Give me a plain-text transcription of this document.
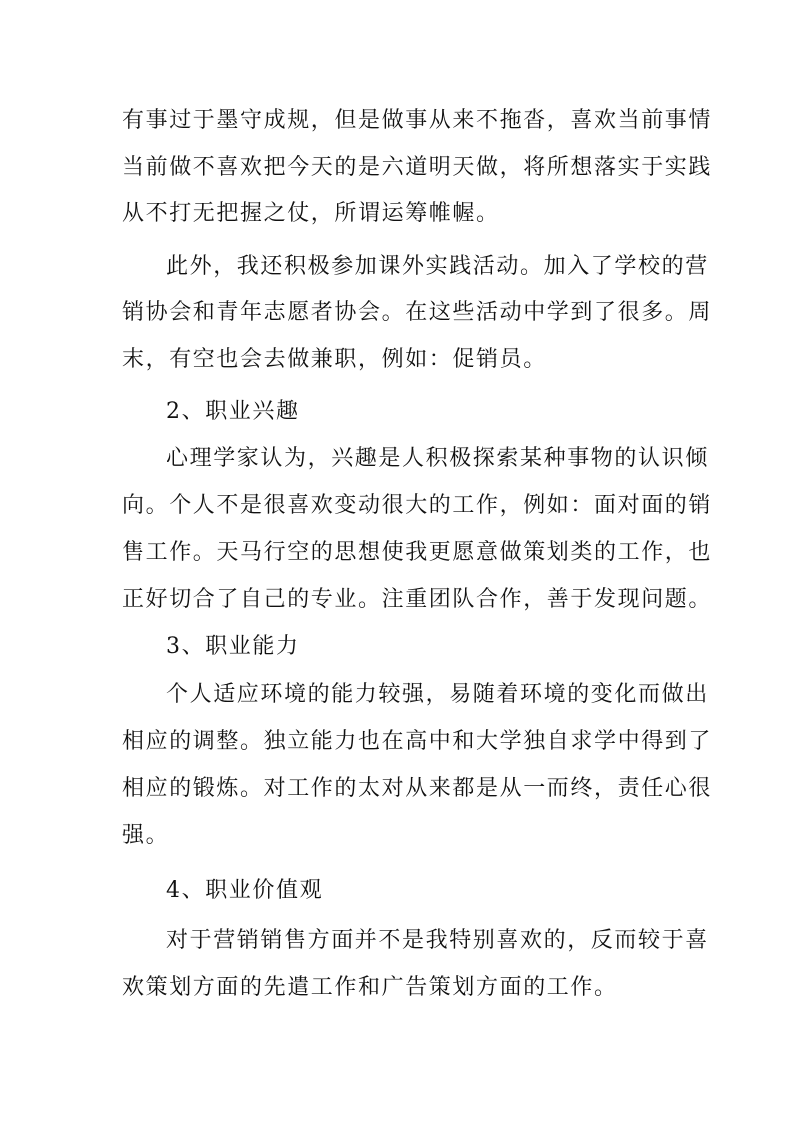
有事过于墨守成规，但是做事从来不拖沓，喜欢当前事情
当前做不喜欢把今天的是六道明天做，将所想落实于实践
从不打无把握之仗，所谓运筹帷幄。
此外，我还积极参加课外实践活动。加入了学校的营
销协会和青年志愿者协会。在这些活动中学到了很多。周
末，有空也会去做兼职，例如：促销员。
2、职业兴趣
心理学家认为，兴趣是人积极探索某种事物的认识倾
向。个人不是很喜欢变动很大的工作，例如：面对面的销
售工作。天马行空的思想使我更愿意做策划类的工作，也
正好切合了自己的专业。注重团队合作，善于发现问题。
3、职业能力
个人适应环境的能力较强，易随着环境的变化而做出
相应的调整。独立能力也在高中和大学独自求学中得到了
相应的锻炼。对工作的太对从来都是从一而终，责任心很
强。
4、职业价值观
对于营销销售方面并不是我特别喜欢的，反而较于喜
欢策划方面的先遣工作和广告策划方面的工作。
